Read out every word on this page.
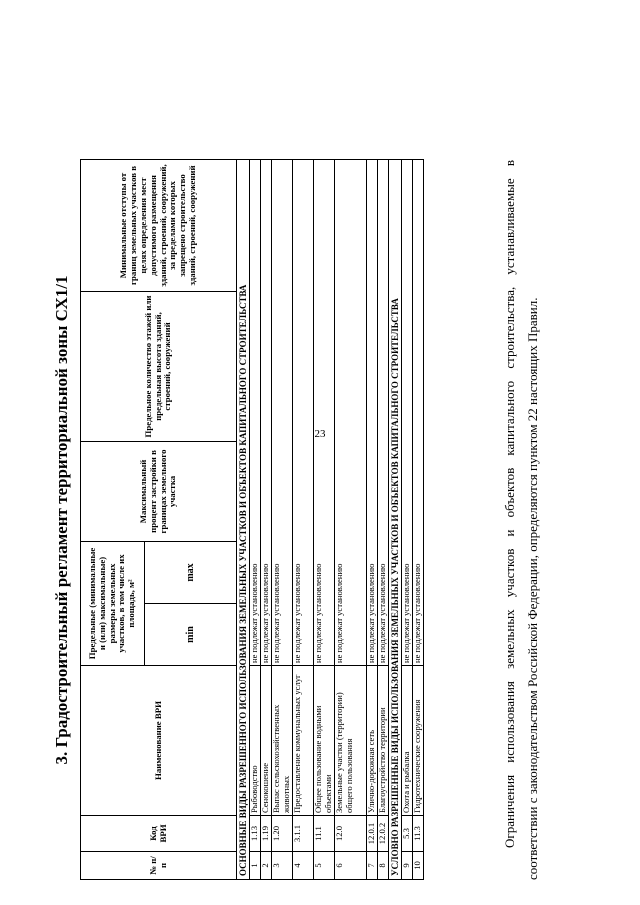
23
3. Градостроительный регламент территориальной зоны СХ1/1
№ п/п	Код ВРИ	Наименование ВРИ	Предельные (минимальные и (или) максимальные) размеры земельных участков, в том числе их площадь, м²		Максимальный процент застройки в границах земельного участка	Предельное количество этажей или предельная высота зданий, строений, сооружений	Минимальные отступы от границ земельных участков в целях определения мест допустимого размещения зданий, строений, сооружений, за пределами которых запрещено строительство зданий, строений, сооружений
			min	max			
ОСНОВНЫЕ ВИДЫ РАЗРЕШЕННОГО ИСПОЛЬЗОВАНИЯ ЗЕМЕЛЬНЫХ УЧАСТКОВ И ОБЪЕКТОВ КАПИТАЛЬНОГО СТРОИТЕЛЬСТВА							
1	1.13	Рыбоводство	не подлежат установлению				
2	1.19	Сенокошение	не подлежат установлению				
3	1.20	Выпас сельскохозяйственных животных	не подлежат установлению				
4	3.1.1	Предоставление коммунальных услуг	не подлежат установлению				
5	11.1	Общее пользование водными объектами	не подлежат установлению				
6	12.0	Земельные участки (территории) общего пользования	не подлежат установлению				
7	12.0.1	Улично-дорожная сеть	не подлежат установлению				
8	12.0.2	Благоустройство территории	не подлежат установлению				
УСЛОВНО РАЗРЕШЕННЫЕ ВИДЫ ИСПОЛЬЗОВАНИЯ ЗЕМЕЛЬНЫХ УЧАСТКОВ И ОБЪЕКТОВ КАПИТАЛЬНОГО СТРОИТЕЛЬСТВА							
9	5.3	Охота и рыбалка	не подлежат установлению				
10	11.3	Гидротехнические сооружения	не подлежат установлению					Ограничения использования земельных участков и объектов капитального строительства, устанавливаемые в соответствии с законодательством Российской Федерации, определяются пунктом 22 настоящих Правил.
